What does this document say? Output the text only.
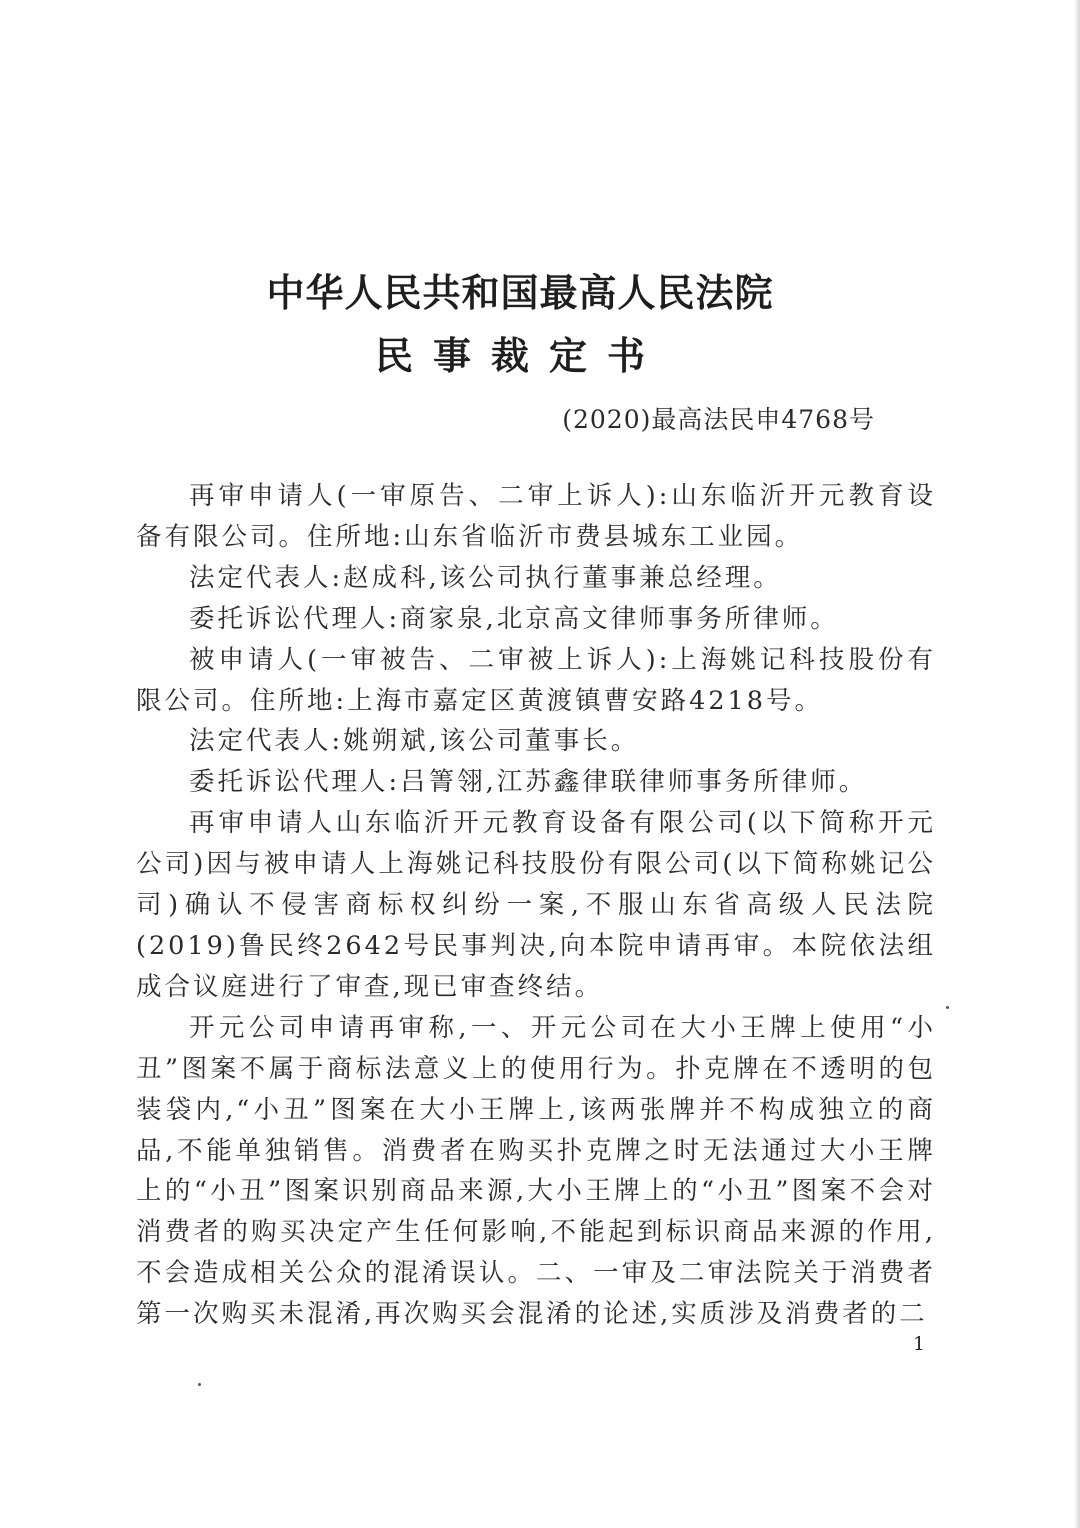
中华人民共和国最高人民法院
民事裁定书
(2020)最高法民申4768号

再审申请人(一审原告、二审上诉人):山东临沂开元教育设备有限公司。住所地:山东省临沂市费县城东工业园。

法定代表人:赵成科,该公司执行董事兼总经理。

委托诉讼代理人:商家泉,北京高文律师事务所律师。

被申请人(一审被告、二审被上诉人):上海姚记科技股份有限公司。住所地:上海市嘉定区黄渡镇曹安路4218号。

法定代表人:姚朔斌,该公司董事长。

委托诉讼代理人:吕箐翎,江苏鑫律联律师事务所律师。

再审申请人山东临沂开元教育设备有限公司(以下简称开元公司)因与被申请人上海姚记科技股份有限公司(以下简称姚记公司)确认不侵害商标权纠纷一案,不服山东省高级人民法院(2019)鲁民终2642号民事判决,向本院申请再审。本院依法组成合议庭进行了审查,现已审查终结。

开元公司申请再审称,一、开元公司在大小王牌上使用“小丑”图案不属于商标法意义上的使用行为。扑克牌在不透明的包装袋内,“小丑”图案在大小王牌上,该两张牌并不构成独立的商品,不能单独销售。消费者在购买扑克牌之时无法通过大小王牌上的“小丑”图案识别商品来源,大小王牌上的“小丑”图案不会对消费者的购买决定产生任何影响,不能起到标识商品来源的作用,不会造成相关公众的混淆误认。二、一审及二审法院关于消费者第一次购买未混淆,再次购买会混淆的论述,实质涉及消费者的二

1
